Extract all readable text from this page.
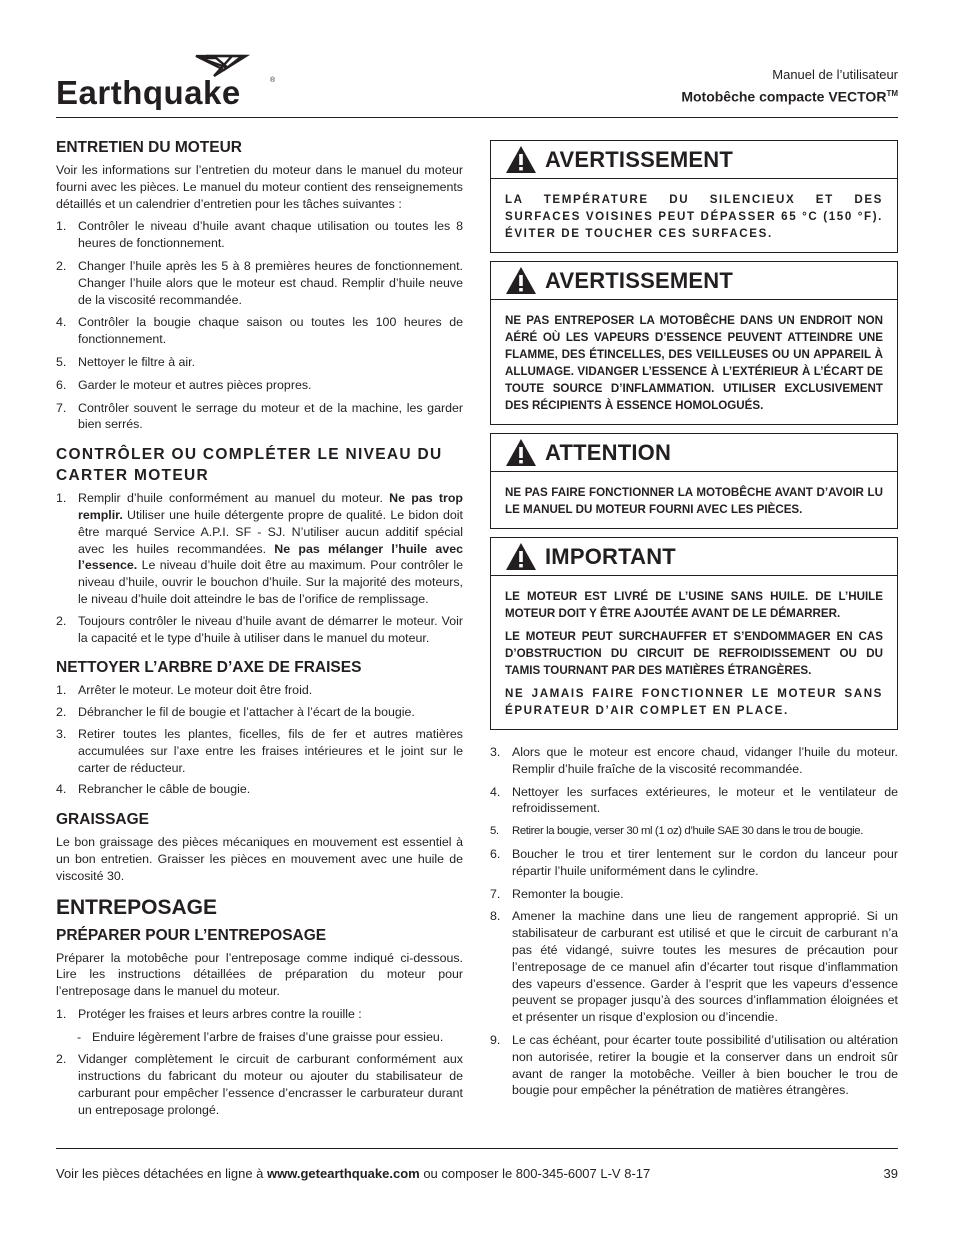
Earthquake	®	Manuel de l’utilisateur
Motobêche compacte VECTOR™
ENTRETIEN DU MOTEUR

Voir les informations sur l’entretien du moteur dans le manuel du moteur fourni avec les pièces. Le manuel du moteur contient des renseignements détaillés et un calendrier d’entretien pour les tâches suivantes :

1. Contrôler le niveau d’huile avant chaque utilisation ou toutes les 8 heures de fonctionnement.
2. Changer l’huile après les 5 à 8 premières heures de fonctionnement. Changer l’huile alors que le moteur est chaud. Remplir d’huile neuve de la viscosité recommandée.
4. Contrôler la bougie chaque saison ou toutes les 100 heures de fonctionnement.
5. Nettoyer le filtre à air.
6. Garder le moteur et autres pièces propres.
7. Contrôler souvent le serrage du moteur et de la machine, les garder bien serrés.
CONTRÔLER OU COMPLÉTER LE NIVEAU DU CARTER MOTEUR
1. Remplir d’huile conformément au manuel du moteur. Ne pas trop remplir. Utiliser une huile détergente propre de qualité. Le bidon doit être marqué Service A.P.I. SF - SJ. N’utiliser aucun additif spécial avec les huiles recommandées. Ne pas mélanger l’huile avec l’essence. Le niveau d’huile doit être au maximum. Pour contrôler le niveau d’huile, ouvrir le bouchon d’huile. Sur la majorité des moteurs, le niveau d’huile doit atteindre le bas de l’orifice de remplissage.
2. Toujours contrôler le niveau d’huile avant de démarrer le moteur. Voir la capacité et le type d’huile à utiliser dans le manuel du moteur.
NETTOYER L’ARBRE D’AXE DE FRAISES
1. Arrêter le moteur. Le moteur doit être froid.
2. Débrancher le fil de bougie et l’attacher à l’écart de la bougie.
3. Retirer toutes les plantes, ficelles, fils de fer et autres matières accumulées sur l’axe entre les fraises intérieures et le joint sur le carter de réducteur.
4. Rebrancher le câble de bougie.
GRAISSAGE

Le bon graissage des pièces mécaniques en mouvement est essentiel à un bon entretien. Graisser les pièces en mouvement avec une huile de viscosité 30.

ENTREPOSAGE
PRÉPARER POUR L’ENTREPOSAGE

Préparer la motobêche pour l’entreposage comme indiqué ci-dessous. Lire les instructions détaillées de préparation du moteur pour l’entreposage dans le manuel du moteur.

1. Protéger les fraises et leurs arbres contre la rouille :
- Enduire légèrement l’arbre de fraises d’une graisse pour essieu.
2. Vidanger complètement le circuit de carburant conformément aux instructions du fabricant du moteur ou ajouter du stabilisateur de carburant pour empêcher l’essence d’encrasser le carburateur durant un entreposage prolongé.
AVERTISSEMENT

LA TEMPÉRATURE DU SILENCIEUX ET DES SURFACES VOISINES PEUT DÉPASSER 65 °C (150 °F). ÉVITER DE TOUCHER CES SURFACES.

AVERTISSEMENT

NE PAS ENTREPOSER LA MOTOBÊCHE DANS UN ENDROIT NON AÉRÉ OÙ LES VAPEURS D’ESSENCE PEUVENT ATTEINDRE UNE FLAMME, DES ÉTINCELLES, DES VEILLEUSES OU UN APPAREIL À ALLUMAGE. VIDANGER L’ESSENCE À L’EXTÉRIEUR À L’ÉCART DE TOUTE SOURCE D’INFLAMMATION. UTILISER EXCLUSIVEMENT DES RÉCIPIENTS À ESSENCE HOMOLOGUÉS.

ATTENTION

NE PAS FAIRE FONCTIONNER LA MOTOBÊCHE AVANT D’AVOIR LU LE MANUEL DU MOTEUR FOURNI AVEC LES PIÈCES.

IMPORTANT

LE MOTEUR EST LIVRÉ DE L’USINE SANS HUILE. DE L’HUILE MOTEUR DOIT Y ÊTRE AJOUTÉE AVANT DE LE DÉMARRER.

LE MOTEUR PEUT SURCHAUFFER ET S’ENDOMMAGER EN CAS D’OBSTRUCTION DU CIRCUIT DE REFROIDISSEMENT OU DU TAMIS TOURNANT PAR DES MATIÈRES ÉTRANGÈRES.

NE JAMAIS FAIRE FONCTIONNER LE MOTEUR SANS ÉPURATEUR D’AIR COMPLET EN PLACE.

3. Alors que le moteur est encore chaud, vidanger l’huile du moteur. Remplir d’huile fraîche de la viscosité recommandée.
4. Nettoyer les surfaces extérieures, le moteur et le ventilateur de refroidissement.
5. Retirer la bougie, verser 30 ml (1 oz) d’huile SAE 30 dans le trou de bougie.
6. Boucher le trou et tirer lentement sur le cordon du lanceur pour répartir l’huile uniformément dans le cylindre.
7. Remonter la bougie.
8. Amener la machine dans une lieu de rangement approprié. Si un stabilisateur de carburant est utilisé et que le circuit de carburant n’a pas été vidangé, suivre toutes les mesures de précaution pour l’entreposage de ce manuel afin d’écarter tout risque d’inflammation des vapeurs d’essence. Garder à l’esprit que les vapeurs d’essence peuvent se propager jusqu’à des sources d’inflammation éloignées et et présenter un risque d’explosion ou d’incendie.
9. Le cas échéant, pour écarter toute possibilité d’utilisation ou altération non autorisée, retirer la bougie et la conserver dans un endroit sûr avant de ranger la motobêche. Veiller à bien boucher le trou de bougie pour empêcher la pénétration de matières étrangères.
Voir les pièces détachées en ligne à www.getearthquake.com ou composer le 800-345-6007 L-V 8-17	39
